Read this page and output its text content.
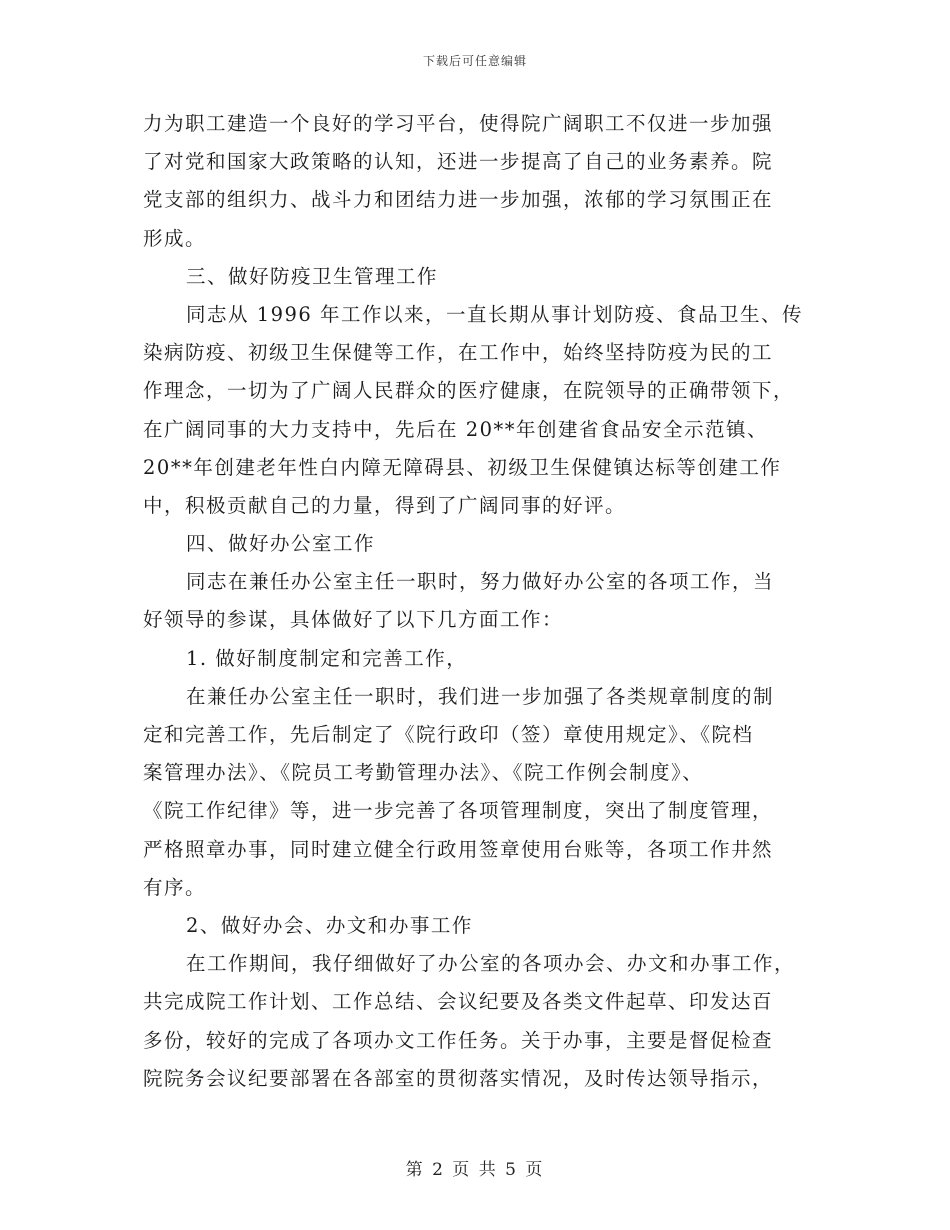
下载后可任意编辑
力为职工建造一个良好的学习平台，使得院广阔职工不仅进一步加强
了对党和国家大政策略的认知，还进一步提高了自己的业务素养。院
党支部的组织力、战斗力和团结力进一步加强，浓郁的学习氛围正在
形成。
三、做好防疫卫生管理工作
同志从 1996 年工作以来，一直长期从事计划防疫、食品卫生、传
染病防疫、初级卫生保健等工作，在工作中，始终坚持防疫为民的工
作理念，一切为了广阔人民群众的医疗健康，在院领导的正确带领下，
在广阔同事的大力支持中，先后在 20**年创建省食品安全示范镇、
20**年创建老年性白内障无障碍县、初级卫生保健镇达标等创建工作
中，积极贡献自己的力量，得到了广阔同事的好评。
四、做好办公室工作
同志在兼任办公室主任一职时，努力做好办公室的各项工作，当
好领导的参谋，具体做好了以下几方面工作：
1. 做好制度制定和完善工作，
在兼任办公室主任一职时，我们进一步加强了各类规章制度的制
定和完善工作，先后制定了《院行政印（签）章使用规定》、《院档
案管理办法》、《院员工考勤管理办法》、《院工作例会制度》、
《院工作纪律》等，进一步完善了各项管理制度，突出了制度管理，
严格照章办事，同时建立健全行政用签章使用台账等，各项工作井然
有序。
2、做好办会、办文和办事工作
在工作期间，我仔细做好了办公室的各项办会、办文和办事工作，
共完成院工作计划、工作总结、会议纪要及各类文件起草、印发达百
多份，较好的完成了各项办文工作任务。关于办事，主要是督促检查
院院务会议纪要部署在各部室的贯彻落实情况，及时传达领导指示，
第 2 页 共 5 页
